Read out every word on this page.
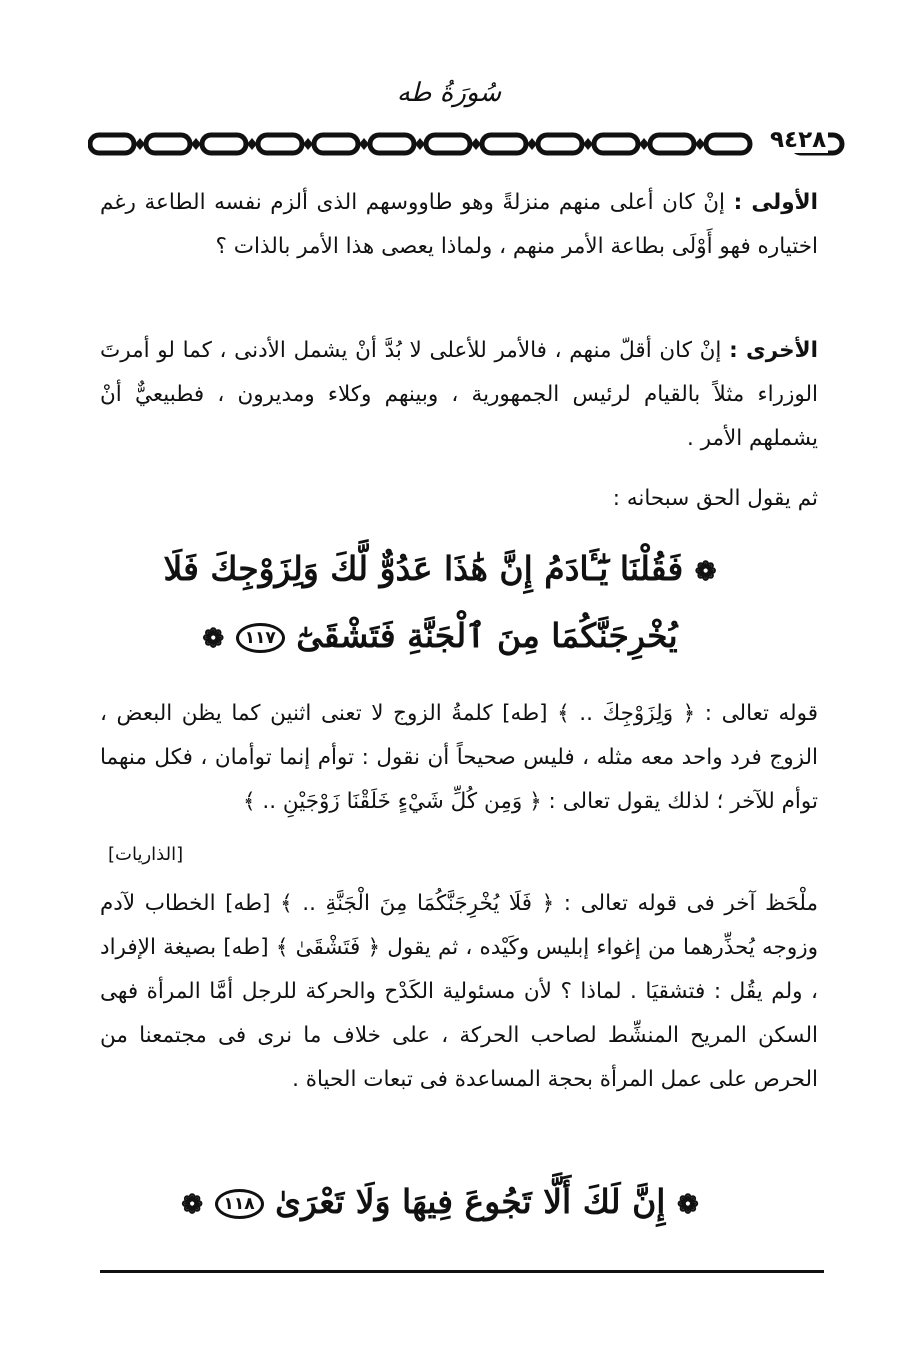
سُورَةُ طه
٩٤٢٨
الأولى : إنْ كان أعلى منهم منزلةً وهو طاووسهم الذى ألزم نفسه الطاعة رغم اختياره فهو أَوْلَى بطاعة الأمر منهم ، ولماذا يعصى هذا الأمر بالذات ؟
الأخرى : إنْ كان أقلّ منهم ، فالأمر للأعلى لا بُدَّ أنْ يشمل الأدنى ، كما لو أمرتَ الوزراء مثلاً بالقيام لرئيس الجمهورية ، وبينهم وكلاء ومديرون ، فطبيعيٌّ أنْ يشملهم الأمر .
ثم يقول الحق سبحانه :
❁ فَقُلْنَا يَٰٓـَٔادَمُ إِنَّ هَٰذَا عَدُوٌّ لَّكَ وَلِزَوْجِكَ فَلَا يُخْرِجَنَّكُمَا مِنَ ٱلْجَنَّةِ فَتَشْقَىٰٓ ١١٧ ❁
قوله تعالى : ﴿ وَلِزَوْجِكَ .. ﴾ [طه] كلمةُ الزوج لا تعنى اثنين كما يظن البعض ، الزوج فرد واحد معه مثله ، فليس صحيحاً أن نقول : توأم إنما توأمان ، فكل منهما توأم للآخر ؛ لذلك يقول تعالى : ﴿ وَمِن كُلِّ شَيْءٍ خَلَقْنَا زَوْجَيْنِ .. ﴾
[الذاريات]
ملْحَظ آخر فى قوله تعالى : ﴿ فَلَا يُخْرِجَنَّكُمَا مِنَ الْجَنَّةِ .. ﴾ [طه] الخطاب لآدم وزوجه يُحذِّرهما من إغواء إبليس وكَيْده ، ثم يقول ﴿ فَتَشْقَىٰ ﴾ [طه] بصيغة الإفراد ، ولم يقُل : فتشقيَا . لماذا ؟ لأن مسئولية الكَدْح والحركة للرجل أمَّا المرأة فهى السكن المريح المنشِّط لصاحب الحركة ، على خلاف ما نرى فى مجتمعنا من الحرص على عمل المرأة بحجة المساعدة فى تبعات الحياة .
❁ إِنَّ لَكَ أَلَّا تَجُوعَ فِيهَا وَلَا تَعْرَىٰ ١١٨ ❁
